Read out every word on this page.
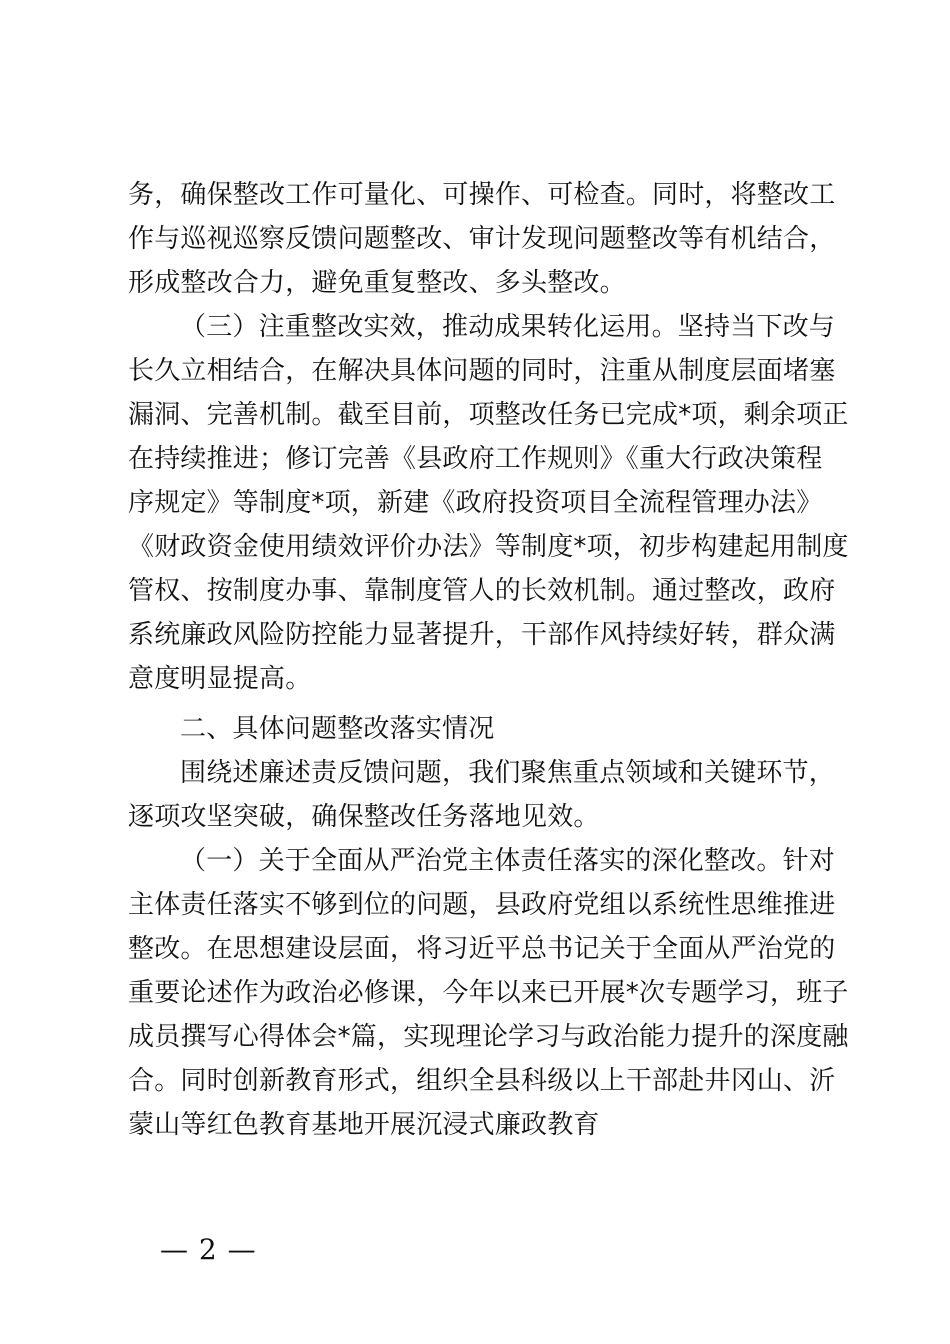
务，确保整改工作可量化、可操作、可检查。同时，将整改工
作与巡视巡察反馈问题整改、审计发现问题整改等有机结合，
形成整改合力，避免重复整改、多头整改。
（三）注重整改实效，推动成果转化运用。坚持当下改与
长久立相结合，在解决具体问题的同时，注重从制度层面堵塞
漏洞、完善机制。截至目前，项整改任务已完成*项，剩余项正
在持续推进；修订完善《县政府工作规则》《重大行政决策程
序规定》等制度*项，新建《政府投资项目全流程管理办法》
《财政资金使用绩效评价办法》等制度*项，初步构建起用制度
管权、按制度办事、靠制度管人的长效机制。通过整改，政府
系统廉政风险防控能力显著提升，干部作风持续好转，群众满
意度明显提高。
二、具体问题整改落实情况
围绕述廉述责反馈问题，我们聚焦重点领域和关键环节，
逐项攻坚突破，确保整改任务落地见效。
（一）关于全面从严治党主体责任落实的深化整改。针对
主体责任落实不够到位的问题，县政府党组以系统性思维推进
整改。在思想建设层面，将习近平总书记关于全面从严治党的
重要论述作为政治必修课，今年以来已开展*次专题学习，班子
成员撰写心得体会*篇，实现理论学习与政治能力提升的深度融
合。同时创新教育形式，组织全县科级以上干部赴井冈山、沂
蒙山等红色教育基地开展沉浸式廉政教育
— 2 —
